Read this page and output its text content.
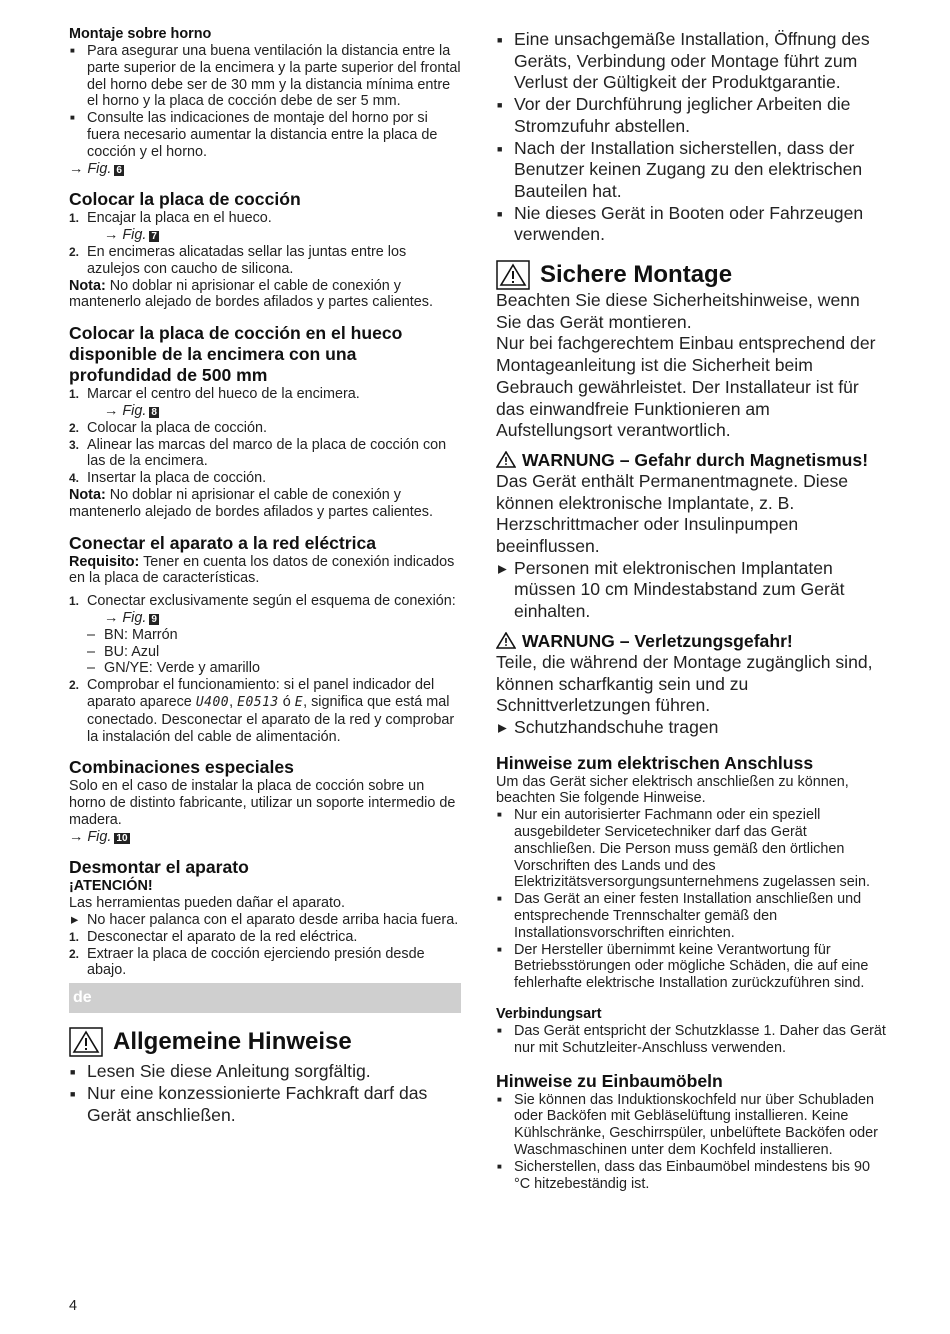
Montaje sobre horno
■ Para asegurar una buena ventilación la distancia entre la parte superior de la encimera y la parte superior del frontal del horno debe ser de 30 mm y la distancia mínima entre el horno y la placa de cocción debe de ser 5 mm.
■ Consulte las indicaciones de montaje del horno por si fuera necesario aumentar la distancia entre la placa de cocción y el horno.
→ Fig. 6
Colocar la placa de cocción
1. Encajar la placa en el hueco.
→ Fig. 7
2. En encimeras alicatadas sellar las juntas entre los azulejos con caucho de silicona.
Nota: No doblar ni aprisionar el cable de conexión y mantenerlo alejado de bordes afilados y partes calientes.
Colocar la placa de cocción en el hueco disponible de la encimera con una profundidad de 500 mm
1. Marcar el centro del hueco de la encimera.
→ Fig. 8
2. Colocar la placa de cocción.
3. Alinear las marcas del marco de la placa de cocción con las de la encimera.
4. Insertar la placa de cocción.
Nota: No doblar ni aprisionar el cable de conexión y mantenerlo alejado de bordes afilados y partes calientes.
Conectar el aparato a la red eléctrica
Requisito: Tener en cuenta los datos de conexión indicados en la placa de características.
1. Conectar exclusivamente según el esquema de conexión:
→ Fig. 9
– BN: Marrón
– BU: Azul
– GN/YE: Verde y amarillo
2. Comprobar el funcionamiento: si el panel indicador del aparato aparece U400, E0513 ó E, significa que está mal conectado. Desconectar el aparato de la red y comprobar la instalación del cable de alimentación.
Combinaciones especiales
Solo en el caso de instalar la placa de cocción sobre un horno de distinto fabricante, utilizar un soporte intermedio de madera.
→ Fig. 10
Desmontar el aparato
¡ATENCIÓN!
Las herramientas pueden dañar el aparato.
▸ No hacer palanca con el aparato desde arriba hacia fuera.
1. Desconectar el aparato de la red eléctrica.
2. Extraer la placa de cocción ejerciendo presión desde abajo.
de
Allgemeine Hinweise
■ Lesen Sie diese Anleitung sorgfältig.
■ Nur eine konzessionierte Fachkraft darf das Gerät anschließen.
■ Eine unsachgemäße Installation, Öffnung des Geräts, Verbindung oder Montage führt zum Verlust der Gültigkeit der Produktgarantie.
■ Vor der Durchführung jeglicher Arbeiten die Stromzufuhr abstellen.
■ Nach der Installation sicherstellen, dass der Benutzer keinen Zugang zu den elektrischen Bauteilen hat.
■ Nie dieses Gerät in Booten oder Fahrzeugen verwenden.
Sichere Montage
Beachten Sie diese Sicherheitshinweise, wenn Sie das Gerät montieren.
Nur bei fachgerechtem Einbau entsprechend der Montageanleitung ist die Sicherheit beim Gebrauch gewährleistet. Der Installateur ist für das einwandfreie Funktionieren am Aufstellungsort verantwortlich.
WARNUNG – Gefahr durch Magnetismus!
Das Gerät enthält Permanentmagnete. Diese können elektronische Implantate, z. B. Herzschrittmacher oder Insulinpumpen beeinflussen.
▸ Personen mit elektronischen Implantaten müssen 10 cm Mindestabstand zum Gerät einhalten.
WARNUNG – Verletzungsgefahr!
Teile, die während der Montage zugänglich sind, können scharfkantig sein und zu Schnittverletzungen führen.
▸ Schutzhandschuhe tragen
Hinweise zum elektrischen Anschluss
Um das Gerät sicher elektrisch anschließen zu können, beachten Sie folgende Hinweise.
■ Nur ein autorisierter Fachmann oder ein speziell ausgebildeter Servicetechniker darf das Gerät anschließen. Die Person muss gemäß den örtlichen Vorschriften des Lands und des Elektrizitätsversorgungsunternehmens zugelassen sein.
■ Das Gerät an einer festen Installation anschließen und entsprechende Trennschalter gemäß den Installationsvorschriften einrichten.
■ Der Hersteller übernimmt keine Verantwortung für Betriebsstörungen oder mögliche Schäden, die auf eine fehlerhafte elektrische Installation zurückzuführen sind.
Verbindungsart
■ Das Gerät entspricht der Schutzklasse 1. Daher das Gerät nur mit Schutzleiter-Anschluss verwenden.
Hinweise zu Einbaumöbeln
■ Sie können das Induktionskochfeld nur über Schubladen oder Backöfen mit Gebläselüftung installieren. Keine Kühlschränke, Geschirrspüler, unbelüftete Backöfen oder Waschmaschinen unter dem Kochfeld installieren.
■ Sicherstellen, dass das Einbaumöbel mindestens bis 90 °C hitzebeständig ist.
4
